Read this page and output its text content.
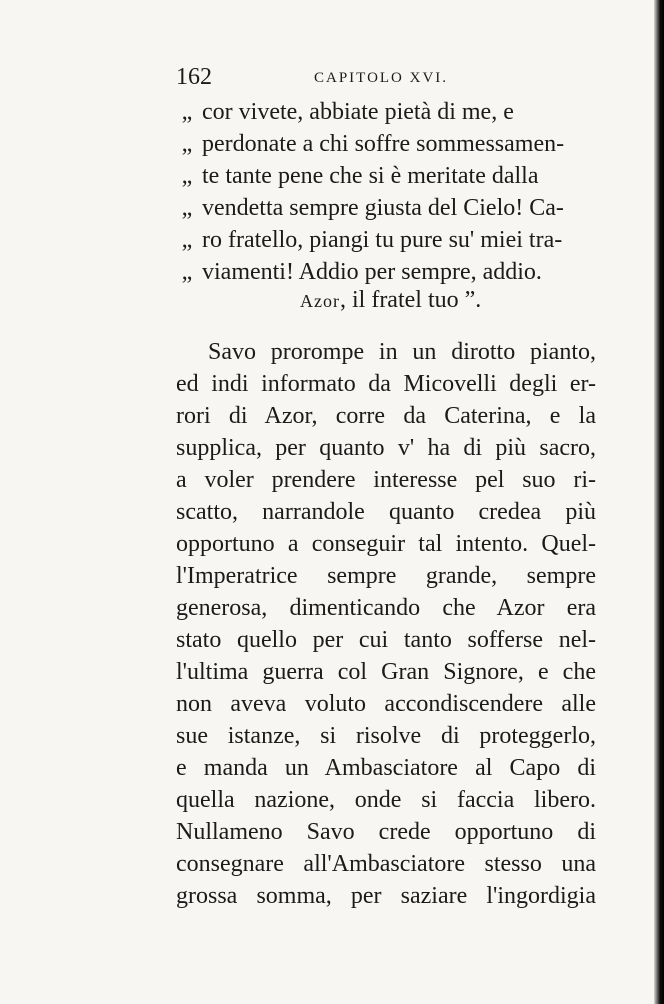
162	CAPITOLO XVI.
„ cor vivete, abbiate pietà di me, e
„ perdonate a chi soffre sommessamen-
„ te tante pene che si è meritate dalla
„ vendetta sempre giusta del Cielo! Ca-
„ ro fratello, piangi tu pure su' miei tra-
„ viamenti! Addio per sempre, addio.
Azor, il fratel tuo ”.
Savo prorompe in un dirotto pianto,
ed indi informato da Micovelli degli er-
rori di Azor, corre da Caterina, e la
supplica, per quanto v' ha di più sacro,
a voler prendere interesse pel suo ri-
scatto, narrandole quanto credea più
opportuno a conseguir tal intento. Quel-
l'Imperatrice sempre grande, sempre
generosa, dimenticando che Azor era
stato quello per cui tanto sofferse nel-
l'ultima guerra col Gran Signore, e che
non aveva voluto accondiscendere alle
sue istanze, si risolve di proteggerlo,
e manda un Ambasciatore al Capo di
quella nazione, onde si faccia libero.
Nullameno Savo crede opportuno di
consegnare all'Ambasciatore stesso una
grossa somma, per saziare l'ingordigia
